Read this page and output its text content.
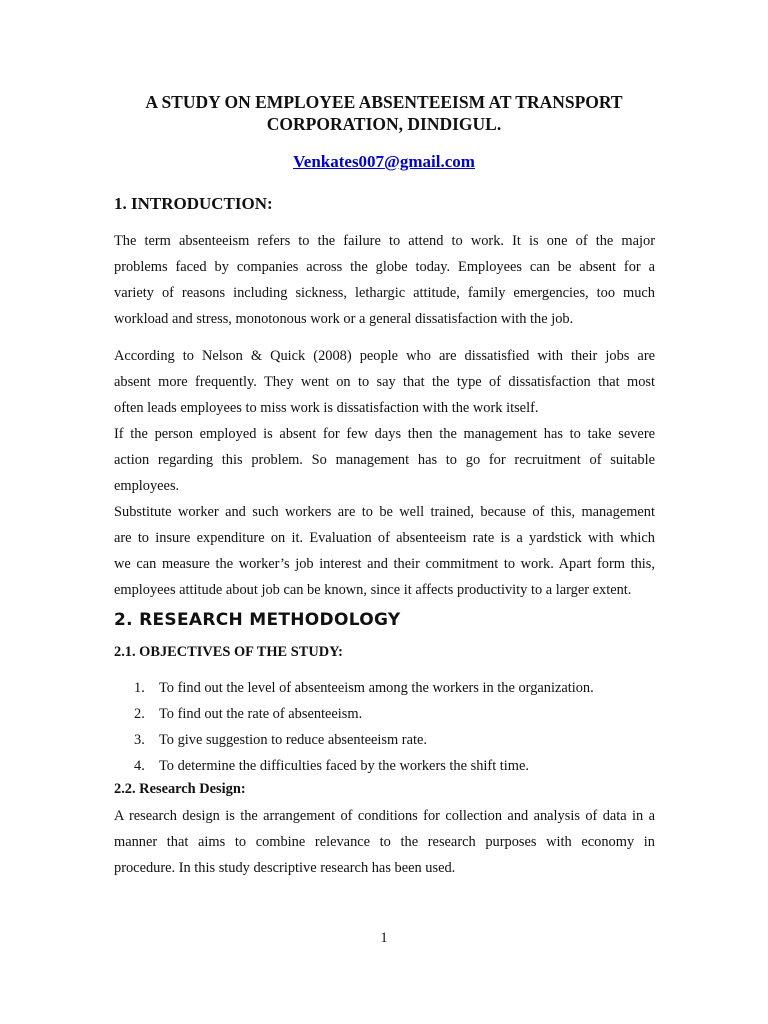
A STUDY ON EMPLOYEE ABSENTEEISM AT TRANSPORT
CORPORATION, DINDIGUL.
Venkates007@gmail.com
1. INTRODUCTION:
The term absenteeism refers to the failure to attend to work. It is one of the major
problems faced by companies across the globe today. Employees can be absent for a
variety of reasons including sickness, lethargic attitude, family emergencies, too much
workload and stress, monotonous work or a general dissatisfaction with the job.
According to Nelson & Quick (2008) people who are dissatisfied with their jobs are
absent more frequently. They went on to say that the type of dissatisfaction that most
often leads employees to miss work is dissatisfaction with the work itself.
If the person employed is absent for few days then the management has to take severe
action regarding this problem. So management has to go for recruitment of suitable
employees.
Substitute worker and such workers are to be well trained, because of this, management
are to insure expenditure on it. Evaluation of absenteeism rate is a yardstick with which
we can measure the worker’s job interest and their commitment to work. Apart form this,
employees attitude about job can be known, since it affects productivity to a larger extent.
2. RESEARCH METHODOLOGY
2.1. OBJECTIVES OF THE STUDY:
1. To find out the level of absenteeism among the workers in the organization.
2. To find out the rate of absenteeism.
3. To give suggestion to reduce absenteeism rate.
4. To determine the difficulties faced by the workers the shift time.
2.2. Research Design:
A research design is the arrangement of conditions for collection and analysis of data in a
manner that aims to combine relevance to the research purposes with economy in
procedure. In this study descriptive research has been used.
1
